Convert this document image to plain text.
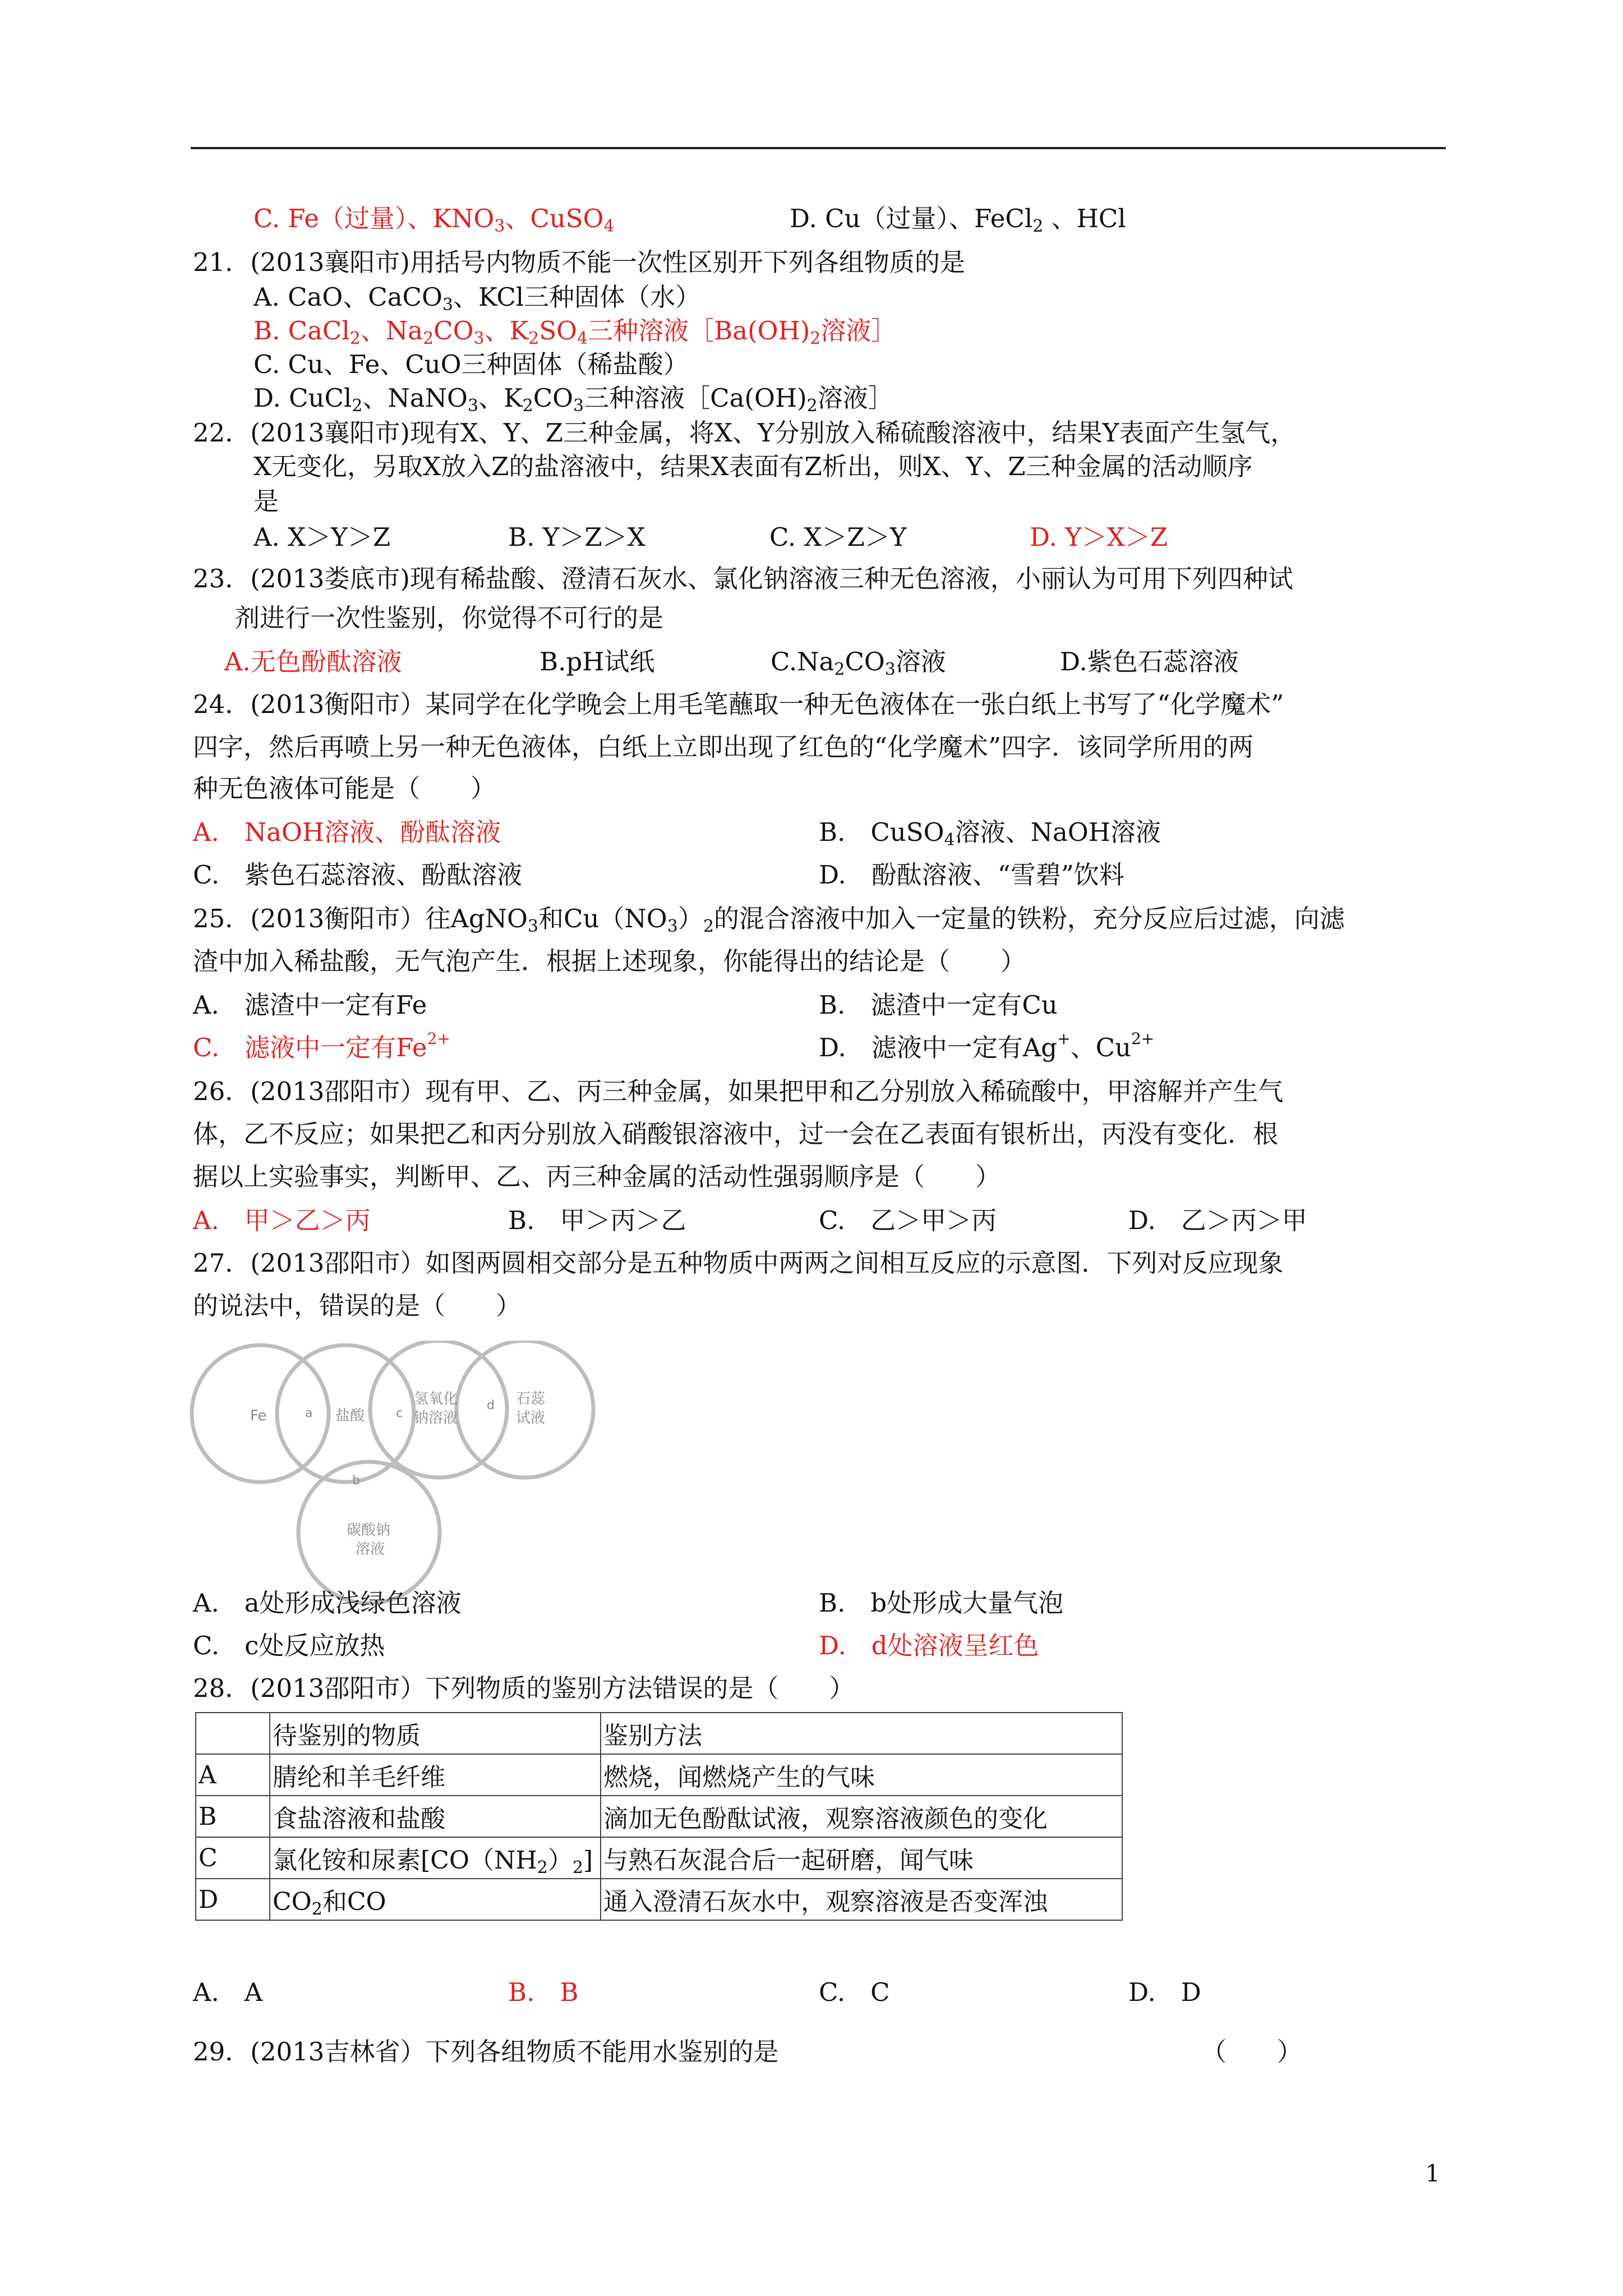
C. Fe（过量）、$KNO_3$、CuSO$_4$	D. Cu（过量）、FeCl$_2$ 、HCl
21．(2013襄阳市)用括号内物质不能一次性区别开下列各组物质的是
A. CaO、CaCO$_3$、KCl三种固体（水）
B. CaCl$_2$、$Na_2CO_3$、$K_2SO_4$三种溶液$[Ba(OH)_2$溶液］
C. Cu、Fe、CuO三种固体（稀盐酸）
D. CuCl$_2$、NaNO$_3$、$K_2CO_3$三种溶液$[Ca(OH)_2$溶液］
22．(2013襄阳市)现有X、Y、Z三种金属，将X、Y分别放入稀硫酸溶液中，结果Y表面产生氢气，
X无变化，另取X放入Z的盐溶液中，结果X表面有Z析出，则X、Y、Z三种金属的活动顺序
是
A. X＞Y＞Z	B. Y＞Z＞X	C. X＞Z＞Y	D. Y＞X＞Z
23．(2013娄底市)现有稀盐酸、澄清石灰水、氯化钠溶液三种无色溶液，小丽认为可用下列四种试
剂进行一次性鉴别，你觉得不可行的是
A.无色酚酞溶液	B.pH试纸	$C.Na_2CO_3$溶液	D.紫色石蕊溶液
24．(2013衡阳市）某同学在化学晚会上用毛笔蘸取一种无色液体在一张白纸上书写了“化学魔术”
四字，然后再喷上另一种无色液体，白纸上立即出现了红色的“化学魔术”四字．该同学所用的两
种无色液体可能是（　　）
A.　NaOH溶液、酚酞溶液	B.　CuSO$_4$溶液、NaOH溶液
C.　紫色石蕊溶液、酚酞溶液	D.　酚酞溶液、“雪碧”饮料
25．(2013衡阳市）往AgNO$_3$和$Cu(NO_3)_2$的混合溶液中加入一定量的铁粉，充分反应后过滤，向滤
渣中加入稀盐酸，无气泡产生．根据上述现象，你能得出的结论是（　　）
A.　滤渣中一定有Fe	B.　滤渣中一定有Cu
C.　滤液中一定有$Fe^{2+}$	D.　滤液中一定有Ag+、$Cu^{2+}$
26．(2013邵阳市）现有甲、乙、丙三种金属，如果把甲和乙分别放入稀硫酸中，甲溶解并产生气
体，乙不反应；如果把乙和丙分别放入硝酸银溶液中，过一会在乙表面有银析出，丙没有变化．根
据以上实验事实，判断甲、乙、丙三种金属的活动性强弱顺序是（　　）
A.　甲＞乙＞丙	B.　甲＞丙＞乙	C.　乙＞甲＞丙	D.　乙＞丙＞甲
27．(2013邵阳市）如图两圆相交部分是五种物质中两两之间相互反应的示意图．下列对反应现象
的说法中，错误的是（　　）
Fe	a 盐酸	c
氢氧化
钠溶液
d 石蕊
试液
b
碳酸钠
溶液
A.　a处形成浅绿色溶液	B.　b处形成大量气泡
C.　c处反应放热	D.　d处溶液呈红色
28．(2013邵阳市）下列物质的鉴别方法错误的是（　　）
	待鉴别的物质	鉴别方法
A	腈纶和羊毛纤维	燃烧，闻燃烧产生的气味
B	食盐溶液和盐酸	滴加无色酚酞试液，观察溶液颜色的变化
C	氯化铵和尿素$[CO(NH_2)_2]$	与熟石灰混合后一起研磨，闻气味
D	$CO_2$和CO	通入澄清石灰水中，观察溶液是否变浑浊
A.　A	B.　B	C.　C	D.　D
29．(2013吉林省）下列各组物质不能用水鉴别的是	（　　）
1
